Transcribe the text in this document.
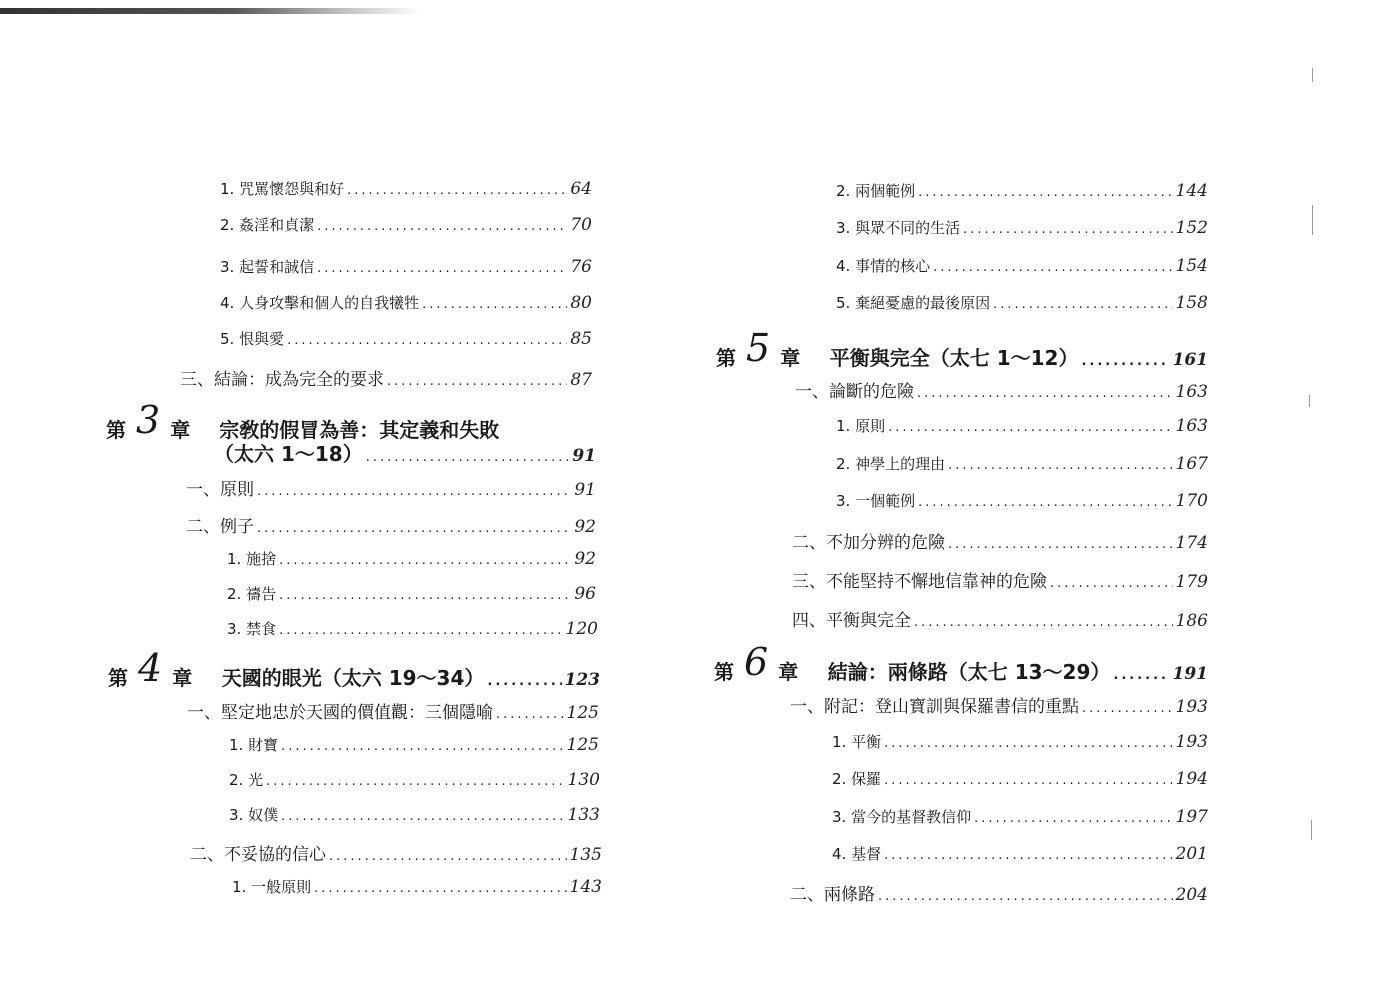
1. 咒罵懷怨與和好 .....	64
2. 姦淫和貞潔 .....	70
3. 起誓和誠信 .....	76
4. 人身攻擊和個人的自我犧牲 .....	80
5. 恨與愛 .....	85
三、結論：成為完全的要求 .....	87
第 3 章 宗敎的假冒為善：其定義和失敗
（太六 1～18） .....	91
一、原則 .....	91
二、例子 .....	92
1. 施捨 .....	92
2. 禱告 .....	96
3. 禁食 .....	120
第 4 章 天國的眼光（太六 19～34） .....	123
一、堅定地忠於天國的價值觀：三個隱喻 .....	125
1. 財寶 .....	125
2. 光 .....	130
3. 奴僕 .....	133
二、不妥協的信心 .....	135
1. 一般原則 .....	143
2. 兩個範例 .....	144
3. 與眾不同的生活 .....	152
4. 事情的核心 .....	154
5. 棄絕憂慮的最後原因 .....	158
第 5 章 平衡與完全（太七 1～12） .....	161
一、論斷的危險 .....	163
1. 原則 .....	163
2. 神學上的理由 .....	167
3. 一個範例 .....	170
二、不加分辨的危險 .....	174
三、不能堅持不懈地信靠神的危險 .....	179
四、平衡與完全 .....	186
第 6 章 結論：兩條路（太七 13～29） .....	191
一、附記：登山寶訓與保羅書信的重點 .....	193
1. 平衡 .....	193
2. 保羅 .....	194
3. 當今的基督教信仰 .....	197
4. 基督 .....	201
二、兩條路 .....	204
